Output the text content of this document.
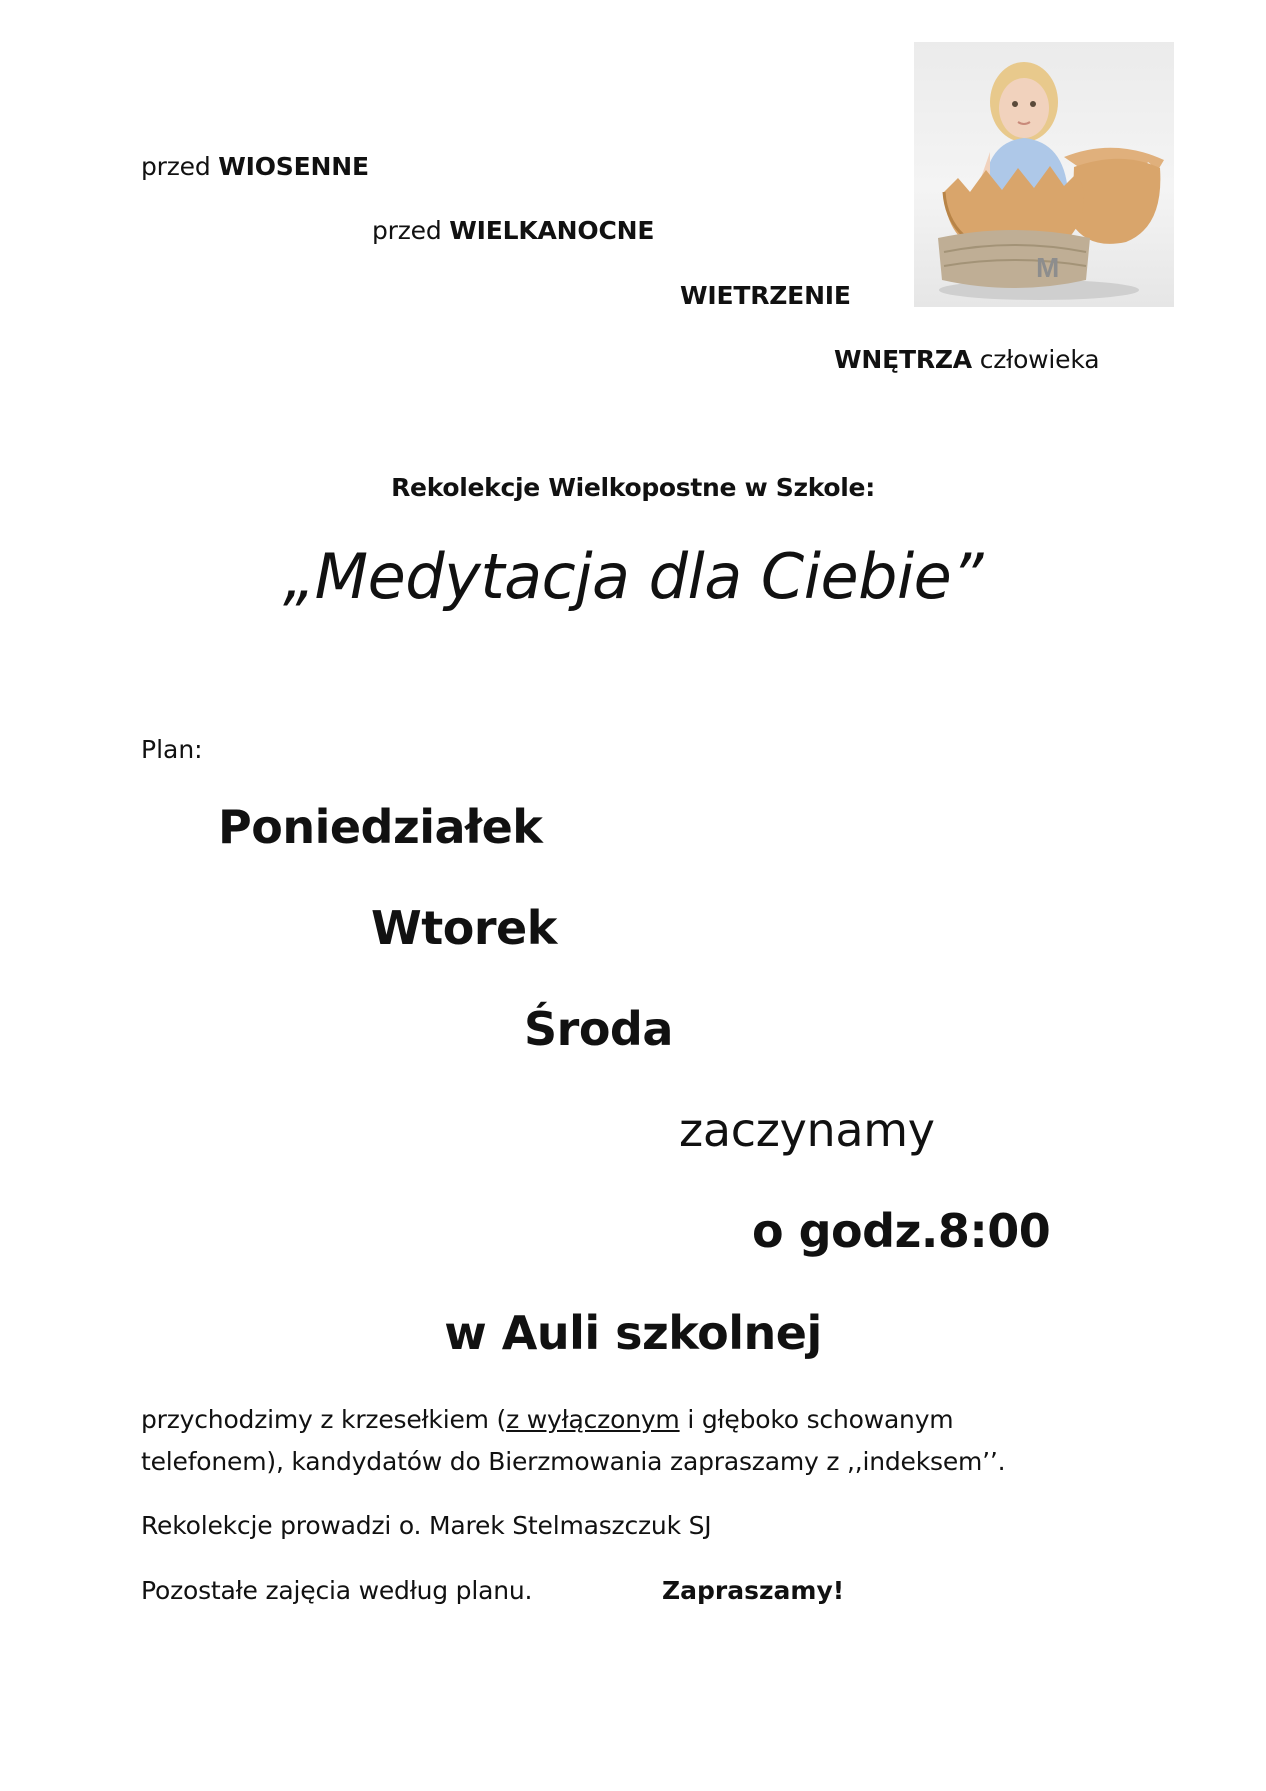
przed WIOSENNE
przed WIELKANOCNE
WIETRZENIE
WNĘTRZA człowieka
M
Rekolekcje Wielkopostne w Szkole:
„Medytacja dla Ciebie”
Plan:
Poniedziałek
Wtorek
Środa
zaczynamy
o godz.8:00
w Auli szkolnej
przychodzimy z krzesełkiem (z wyłączonym i głęboko schowanym
telefonem), kandydatów do Bierzmowania zapraszamy z ,,indeksem’’.
Rekolekcje prowadzi o. Marek Stelmaszczuk SJ
Pozostałe zajęcia według planu.	Zapraszamy!
